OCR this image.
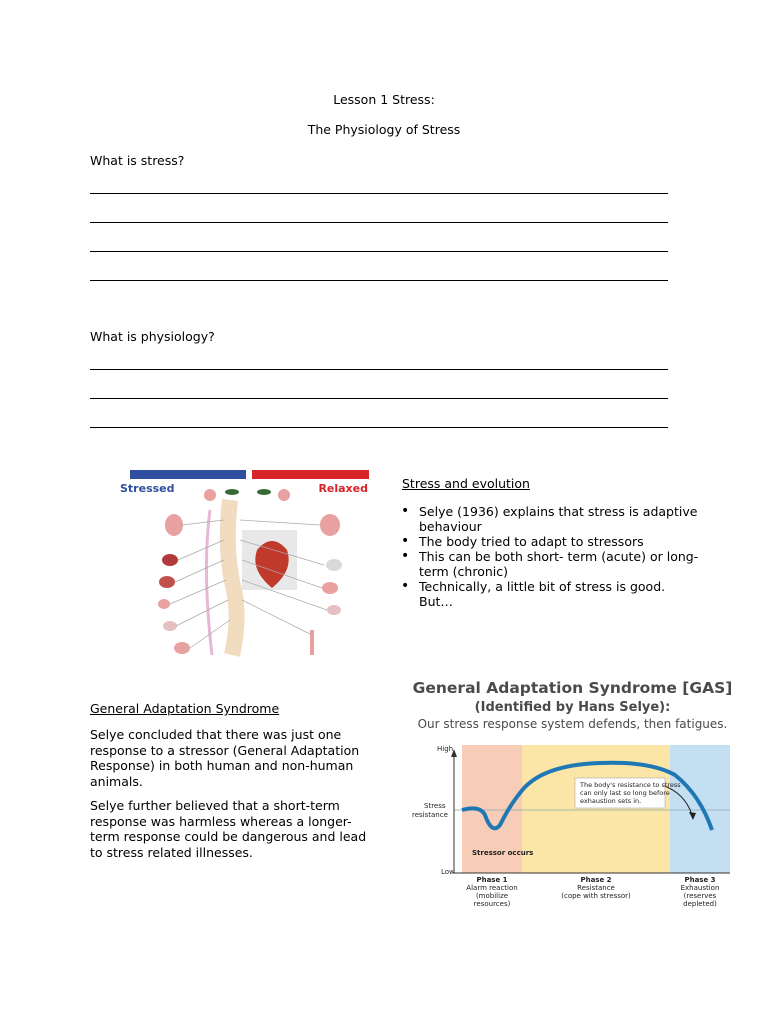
Lesson 1 Stress:
The Physiology of Stress
What is stress?
What is physiology?
Stressed	Relaxed	Stress and evolution
• Selye (1936) explains that stress is adaptive behaviour
• The body tried to adapt to stressors
• This can be both short- term (acute) or long-term (chronic)
• Technically, a little bit of stress is good. But…
General Adaptation Syndrome
Selye concluded that there was just one response to a stressor (General Adaptation Response) in both human and non-human animals.
Selye further believed that a short-term response was harmless whereas a longer-term response could be dangerous and lead to stress related illnesses.
General Adaptation Syndrome [GAS]
(Identified by Hans Selye):
Our stress response system defends, then fatigues.
High
Low
Stress
resistance
The body's resistance to stress
can only last so long before
exhaustion sets in.
Stressor occurs
Phase 1
Alarm reaction
(mobilize
resources)
Phase 2
Resistance
(cope with stressor)
Phase 3
Exhaustion
(reserves
depleted)
